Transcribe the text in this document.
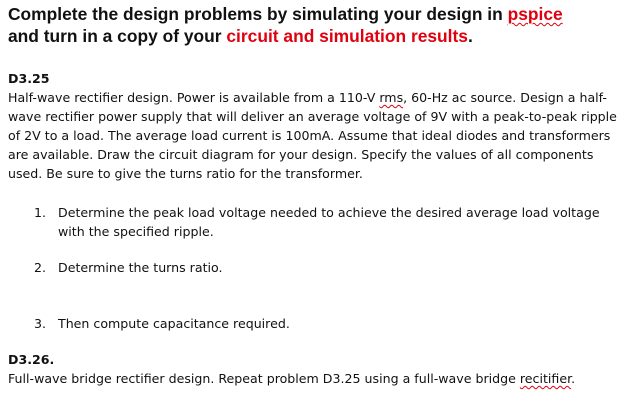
Complete the design problems by simulating your design in pspice

and turn in a copy of your circuit and simulation results.

D3.25

Half-wave rectifier design. Power is available from a 110-V rms, 60-Hz ac source. Design a half-wave rectifier power supply that will deliver an average voltage of 9V with a peak-to-peak ripple of 2V to a load. The average load current is 100mA. Assume that ideal diodes and transformers are available. Draw the circuit diagram for your design. Specify the values of all components used. Be sure to give the turns ratio for the transformer.

1. Determine the peak load voltage needed to achieve the desired average load voltage with the specified ripple.
2. Determine the turns ratio.
3. Then compute capacitance required.
D3.26.

Full-wave bridge rectifier design. Repeat problem D3.25 using a full-wave bridge recitifier.
